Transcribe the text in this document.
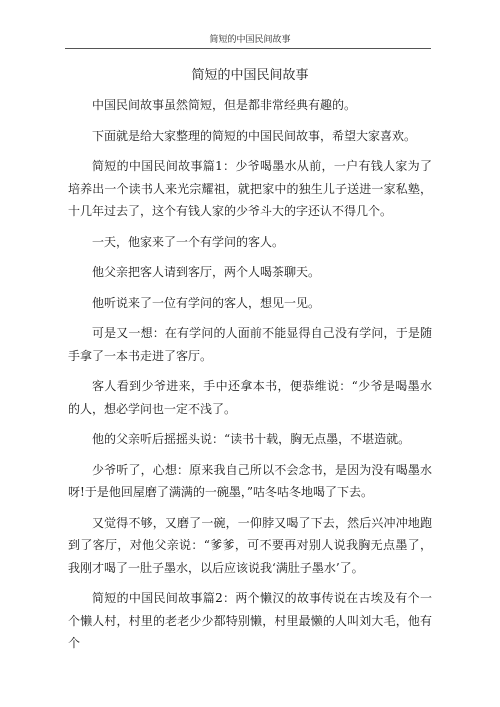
简短的中国民间故事
简短的中国民间故事

中国民间故事虽然简短，但是都非常经典有趣的。

下面就是给大家整理的简短的中国民间故事，希望大家喜欢。

简短的中国民间故事篇1：少爷喝墨水从前，一户有钱人家为了培养出一个读书人来光宗耀祖，就把家中的独生儿子送进一家私塾，十几年过去了，这个有钱人家的少爷斗大的字还认不得几个。

一天，他家来了一个有学问的客人。

他父亲把客人请到客厅，两个人喝茶聊天。

他听说来了一位有学问的客人，想见一见。

可是又一想：在有学问的人面前不能显得自己没有学问，于是随手拿了一本书走进了客厅。

客人看到少爷进来，手中还拿本书，便恭维说：“少爷是喝墨水的人，想必学问也一定不浅了。

他的父亲听后摇摇头说：“读书十载，胸无点墨，不堪造就。

少爷听了，心想：原来我自己所以不会念书，是因为没有喝墨水呀!于是他回屋磨了满满的一碗墨，”咕冬咕冬地喝了下去。

又觉得不够，又磨了一碗，一仰脖又喝了下去，然后兴冲冲地跑到了客厅，对他父亲说：“爹爹，可不要再对别人说我胸无点墨了，我刚才喝了一肚子墨水，以后应该说我‘满肚子墨水’了。

简短的中国民间故事篇2：两个懒汉的故事传说在古埃及有个一个懒人村，村里的老老少少都特别懒，村里最懒的人叫刘大毛，他有个
